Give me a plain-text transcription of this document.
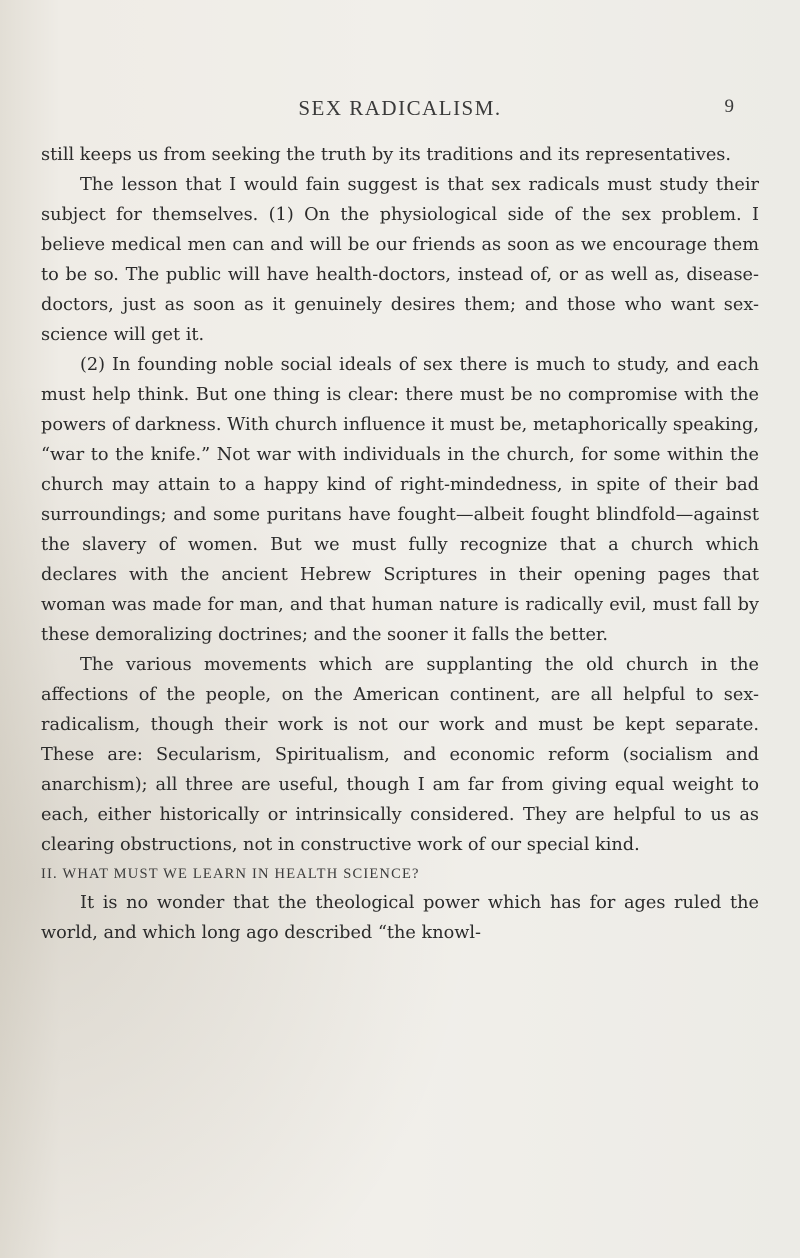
SEX RADICALISM.	9

still keeps us from seeking the truth by its traditions and its representatives.

The lesson that I would fain suggest is that sex radicals must study their subject for themselves. (1) On the physiological side of the sex problem. I believe medical men can and will be our friends as soon as we encourage them to be so. The public will have health-doctors, instead of, or as well as, disease-doctors, just as soon as it genuinely desires them; and those who want sex-science will get it.

(2) In founding noble social ideals of sex there is much to study, and each must help think. But one thing is clear: there must be no compromise with the powers of darkness. With church influence it must be, metaphorically speaking, “war to the knife.” Not war with individuals in the church, for some within the church may attain to a happy kind of right-mindedness, in spite of their bad surroundings; and some puritans have fought—albeit fought blindfold—against the slavery of women. But we must fully recognize that a church which declares with the ancient Hebrew Scriptures in their opening pages that woman was made for man, and that human nature is radically evil, must fall by these demoralizing doctrines; and the sooner it falls the better.

The various movements which are supplanting the old church in the affections of the people, on the American continent, are all helpful to sex-radicalism, though their work is not our work and must be kept separate. These are: Secularism, Spiritualism, and economic reform (socialism and anarchism); all three are useful, though I am far from giving equal weight to each, either historically or intrinsically considered. They are helpful to us as clearing obstructions, not in constructive work of our special kind.

II. WHAT MUST WE LEARN IN HEALTH SCIENCE?

It is no wonder that the theological power which has for ages ruled the world, and which long ago described “the knowl-
